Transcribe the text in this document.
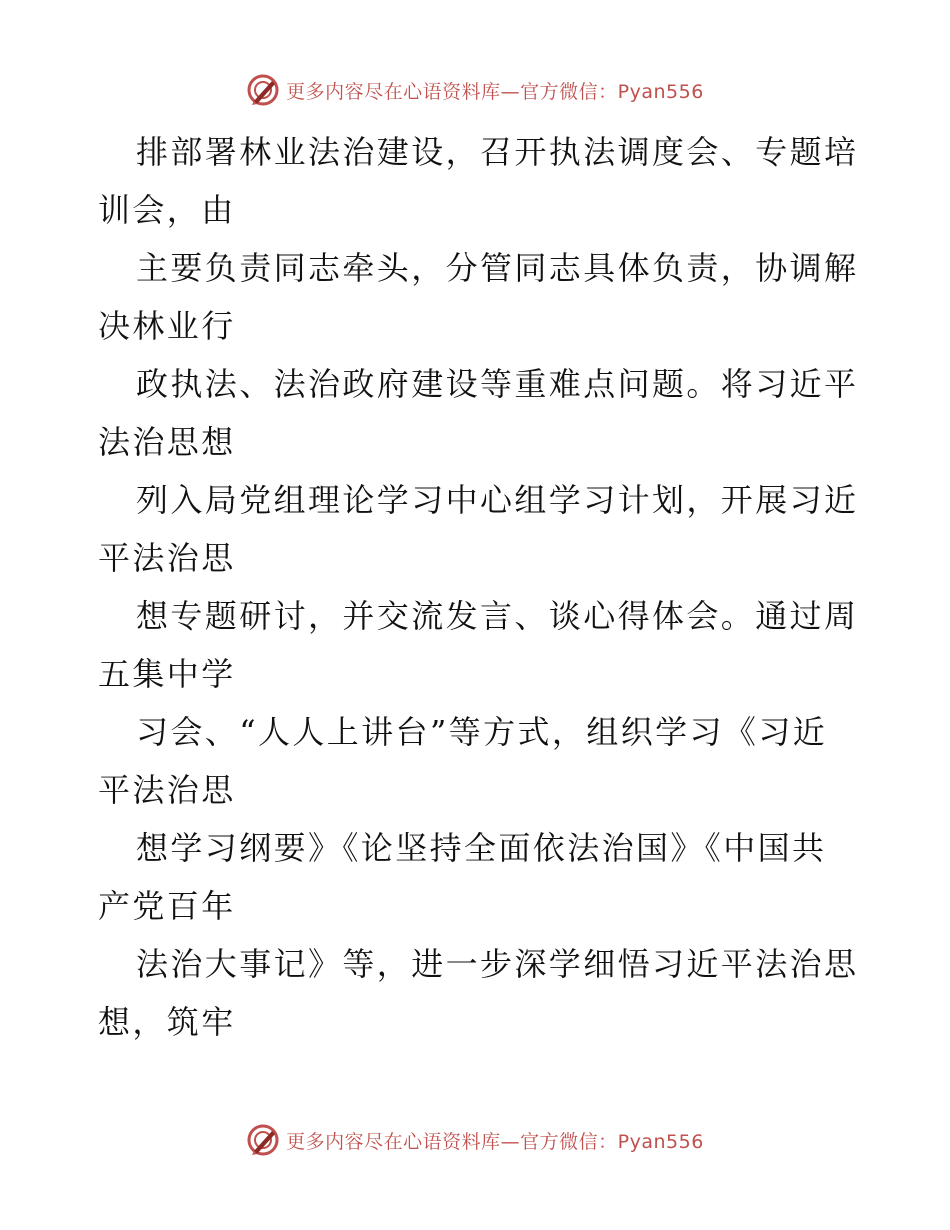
更多内容尽在心语资料库—官方微信：Pyan556
排部署林业法治建设，召开执法调度会、专题培
训会，由
主要负责同志牵头，分管同志具体负责，协调解
决林业行
政执法、法治政府建设等重难点问题。将习近平
法治思想
列入局党组理论学习中心组学习计划，开展习近
平法治思
想专题研讨，并交流发言、谈心得体会。通过周
五集中学
习会、“人人上讲台”等方式，组织学习《习近
平法治思
想学习纲要》《论坚持全面依法治国》《中国共
产党百年
法治大事记》等，进一步深学细悟习近平法治思
想，筑牢
更多内容尽在心语资料库—官方微信：Pyan556
